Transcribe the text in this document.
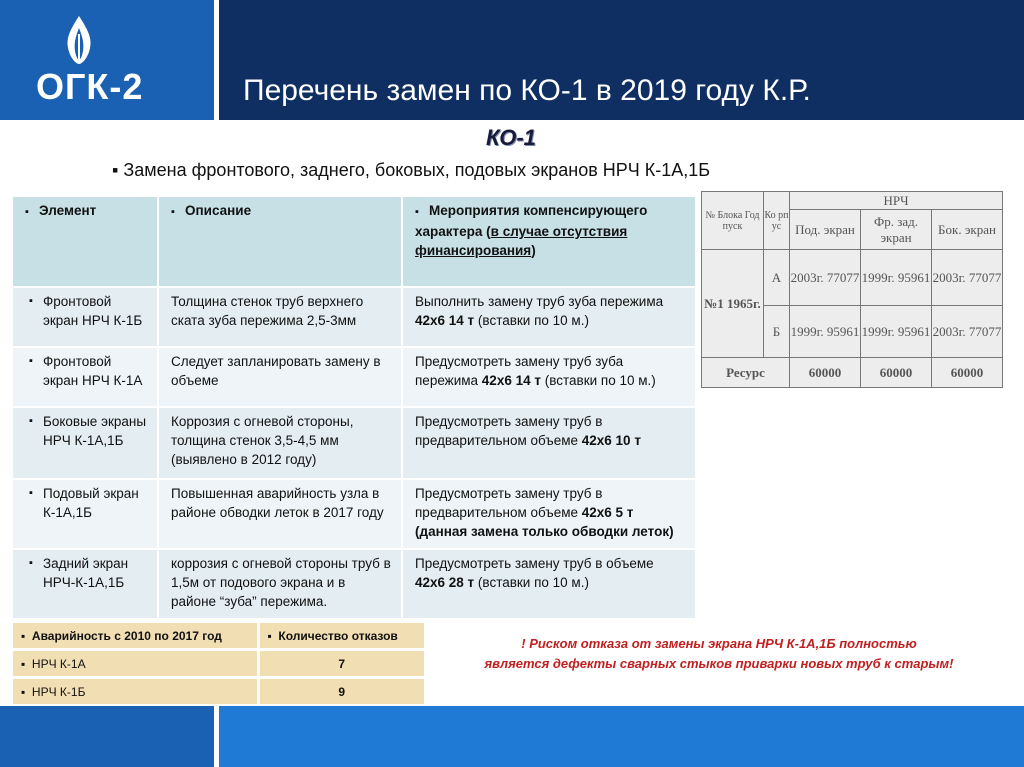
ОГК-2	Перечень замен по КО-1 в 2019 году К.Р.
КО-1
▪ Замена фронтового, заднего, боковых, подовых экранов НРЧ К-1А,1Б
▪ Элемент	▪ Описание	▪ Мероприятия компенсирующего характера (в случае отсутствия финансирования)

▪ Фронтовой экран НРЧ К-1Б	Толщина стенок труб верхнего ската зуба пережима 2,5-3мм	Выполнить замену труб зуба пережима 42х6 14 т (вставки по 10 м.)

▪ Фронтовой экран НРЧ К-1А	Следует запланировать замену в объеме	Предусмотреть замену труб зуба пережима 42х6 14 т (вставки по 10 м.)

▪ Боковые экраны НРЧ К-1А,1Б	Коррозия с огневой стороны, толщина стенок 3,5-4,5 мм (выявлено в 2012 году)	Предусмотреть замену труб в предварительном объеме 42х6 10 т

▪ Подовый экран К-1А,1Б	Повышенная аварийность узла в районе обводки леток в 2017 году	Предусмотреть замену труб в предварительном объеме 42х6 5 т (данная замена только обводки леток)

▪ Задний экран НРЧ-К-1А,1Б	коррозия с огневой стороны труб в 1,5м от подового экрана и в районе “зуба” пережима.	Предусмотреть замену труб в объеме 42х6 28 т (вставки по 10 м.)
№ Блока Год пуск	Ко рп ус	НРЧ		
		Под. экран	Фр. зад. экран	Бок. экран
№1 1965г.	А	2003г. 77077	1999г. 95961	2003г. 77077
	Б	1999г. 95961	1999г. 95961	2003г. 77077
Ресурс		60000	60000	60000
▪  Аварийность с 2010 по 2017 год	▪  Количество отказов
▪  НРЧ К-1А	7
▪  НРЧ К-1Б	9
! Риском отказа от замены экрана НРЧ К-1А,1Б полностью
является дефекты сварных стыков приварки новых труб к старым!
